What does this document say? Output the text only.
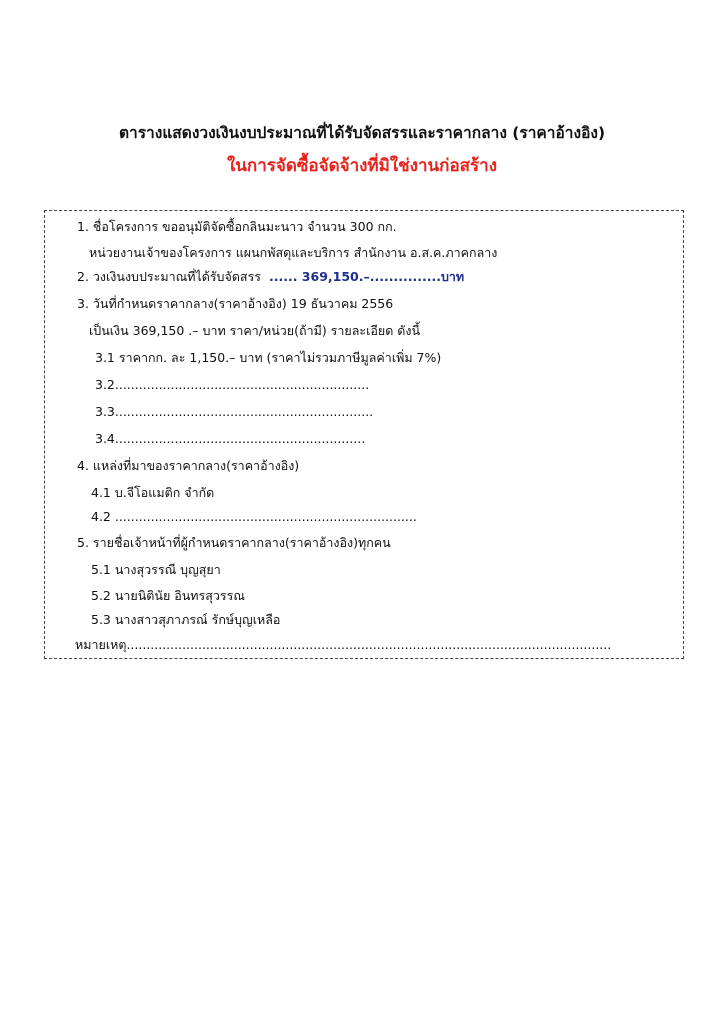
ตารางแสดงวงเงินงบประมาณที่ได้รับจัดสรรและราคากลาง (ราคาอ้างอิง)
ในการจัดซื้อจัดจ้างที่มิใช่งานก่อสร้าง
1. ชื่อโครงการ ขออนุมัติจัดซื้อกลินมะนาว จำนวน 300 กก.
หน่วยงานเจ้าของโครงการ แผนกพัสดุและบริการ สำนักงาน อ.ส.ค.ภาคกลาง
2. วงเงินงบประมาณที่ได้รับจัดสรร ...... 369,150.–...............บาท
3. วันที่กำหนดราคากลาง(ราคาอ้างอิง) 19 ธันวาคม 2556
เป็นเงิน 369,150 .– บาท ราคา/หน่วย(ถ้ามี) รายละเอียด ดังนี้
3.1 ราคากก. ละ 1,150.– บาท (ราคาไม่รวมภาษีมูลค่าเพิ่ม 7%)
3.2................................................................
3.3.................................................................
3.4...............................................................
4. แหล่งที่มาของราคากลาง(ราคาอ้างอิง)
4.1 บ.จีโอแมติก จำกัด
4.2 ............................................................................
5. รายชื่อเจ้าหน้าที่ผู้กำหนดราคากลาง(ราคาอ้างอิง)ทุกคน
5.1 นางสุวรรณี บุญสุยา
5.2 นายนิตินัย อินทรสุวรรณ
5.3 นางสาวสุภาภรณ์ รักษ์บุญเหลือ
หมายเหตุ..........................................................................................................................
